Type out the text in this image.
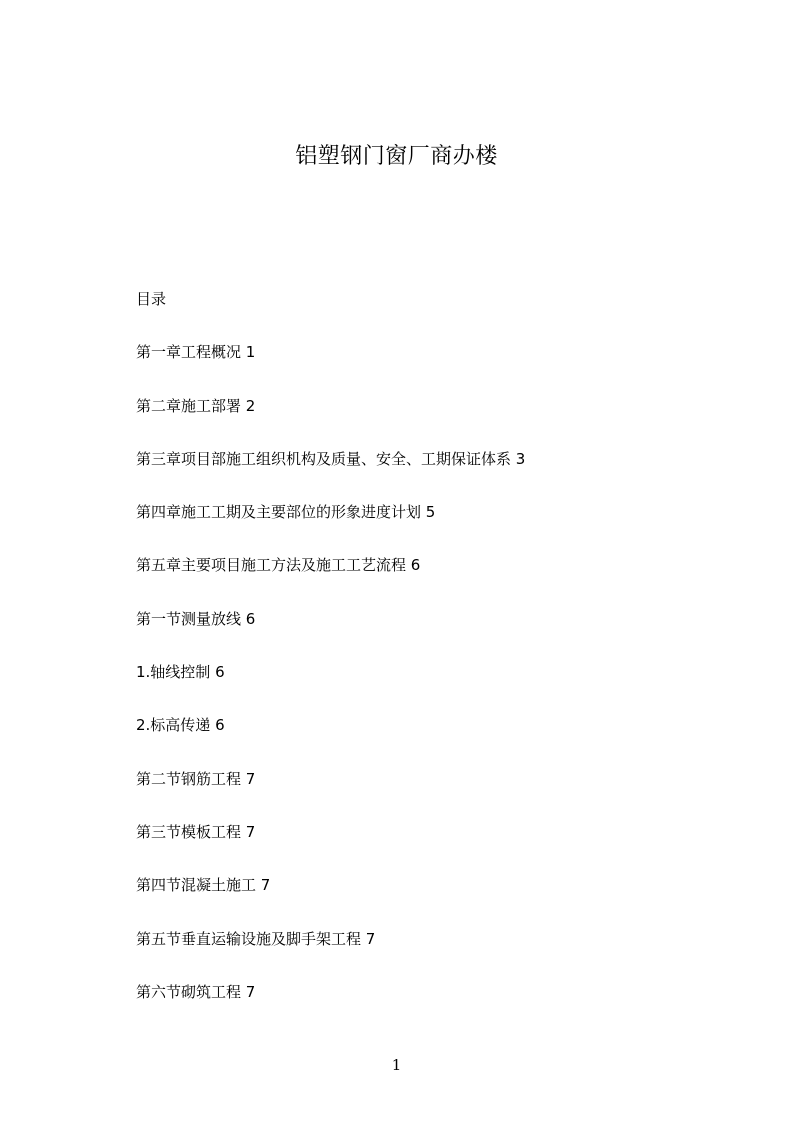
铝塑钢门窗厂商办楼
目录
第一章工程概况 1
第二章施工部署 2
第三章项目部施工组织机构及质量、安全、工期保证体系 3
第四章施工工期及主要部位的形象进度计划 5
第五章主要项目施工方法及施工工艺流程 6
第一节测量放线 6
1.轴线控制 6
2.标高传递 6
第二节钢筋工程 7
第三节模板工程 7
第四节混凝土施工 7
第五节垂直运输设施及脚手架工程 7
第六节砌筑工程 7
1
